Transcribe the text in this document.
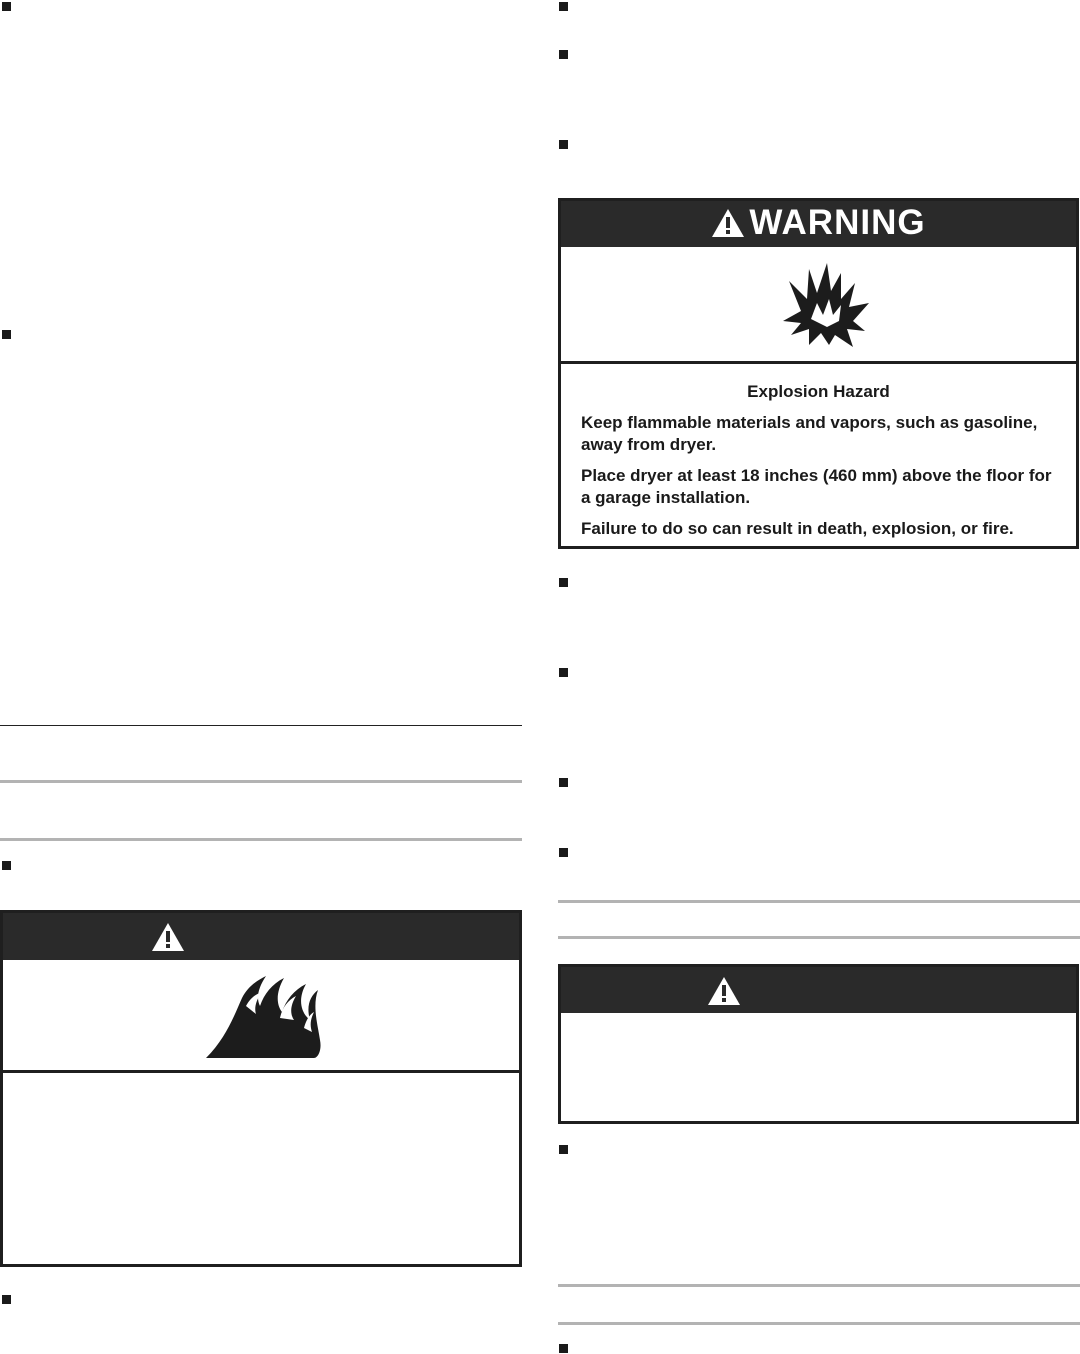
WARNING

Explosion Hazard

Keep flammable materials and vapors, such as gasoline, away from dryer.

Place dryer at least 18 inches (460 mm) above the floor for a garage installation.

Failure to do so can result in death, explosion, or fire.
